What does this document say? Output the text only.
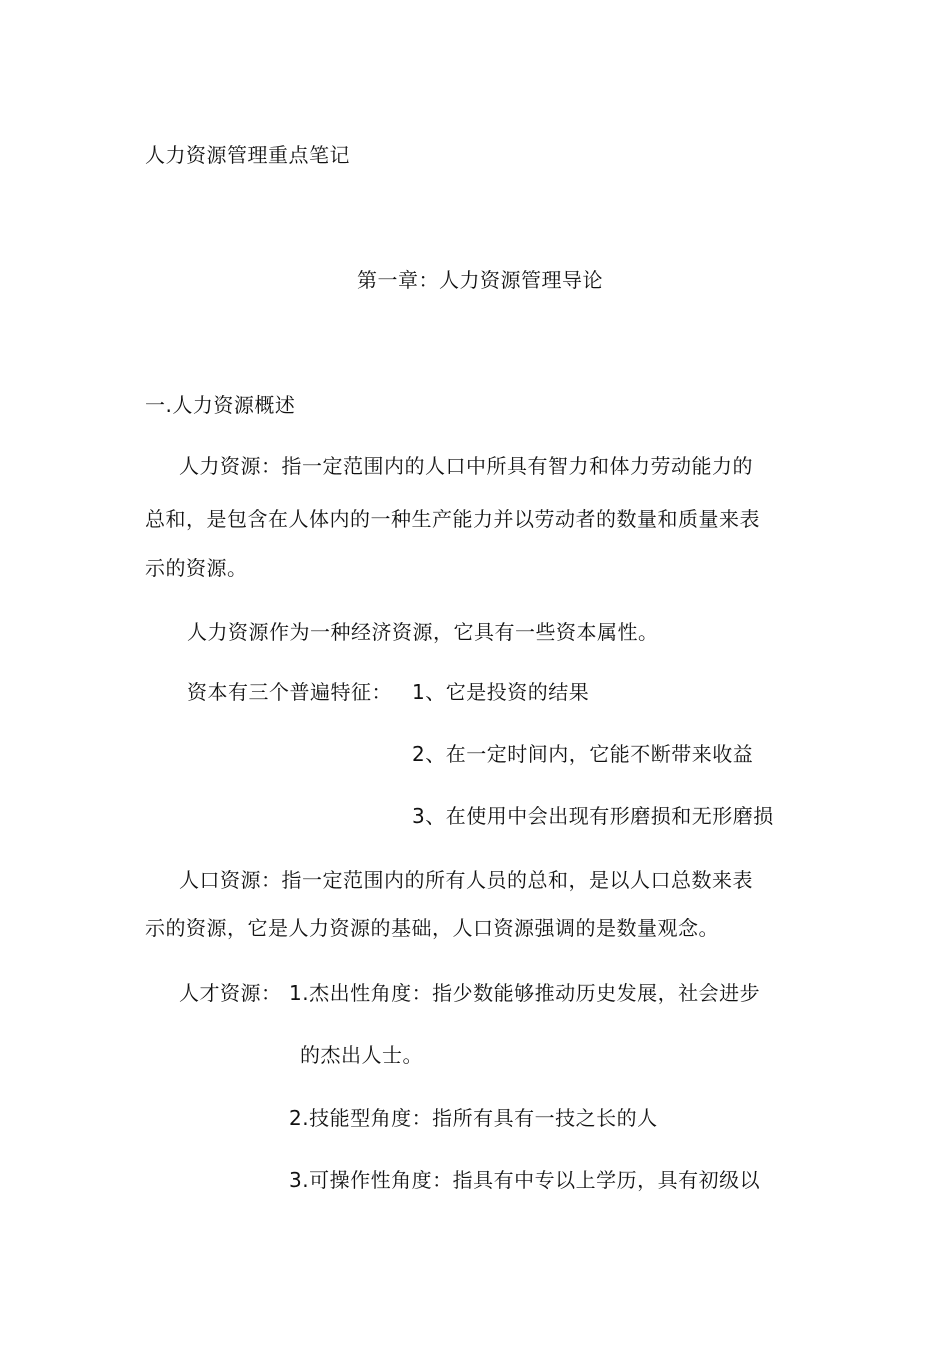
人力资源管理重点笔记
第一章：人力资源管理导论
一.人力资源概述
人力资源：指一定范围内的人口中所具有智力和体力劳动能力的
总和，是包含在人体内的一种生产能力并以劳动者的数量和质量来表
示的资源。
人力资源作为一种经济资源，它具有一些资本属性。
资本有三个普遍特征： 1、它是投资的结果
2、在一定时间内，它能不断带来收益
3、在使用中会出现有形磨损和无形磨损
人口资源：指一定范围内的所有人员的总和，是以人口总数来表
示的资源，它是人力资源的基础，人口资源强调的是数量观念。
人才资源： 1.杰出性角度：指少数能够推动历史发展，社会进步
的杰出人士。
2.技能型角度：指所有具有一技之长的人
3.可操作性角度：指具有中专以上学历，具有初级以
